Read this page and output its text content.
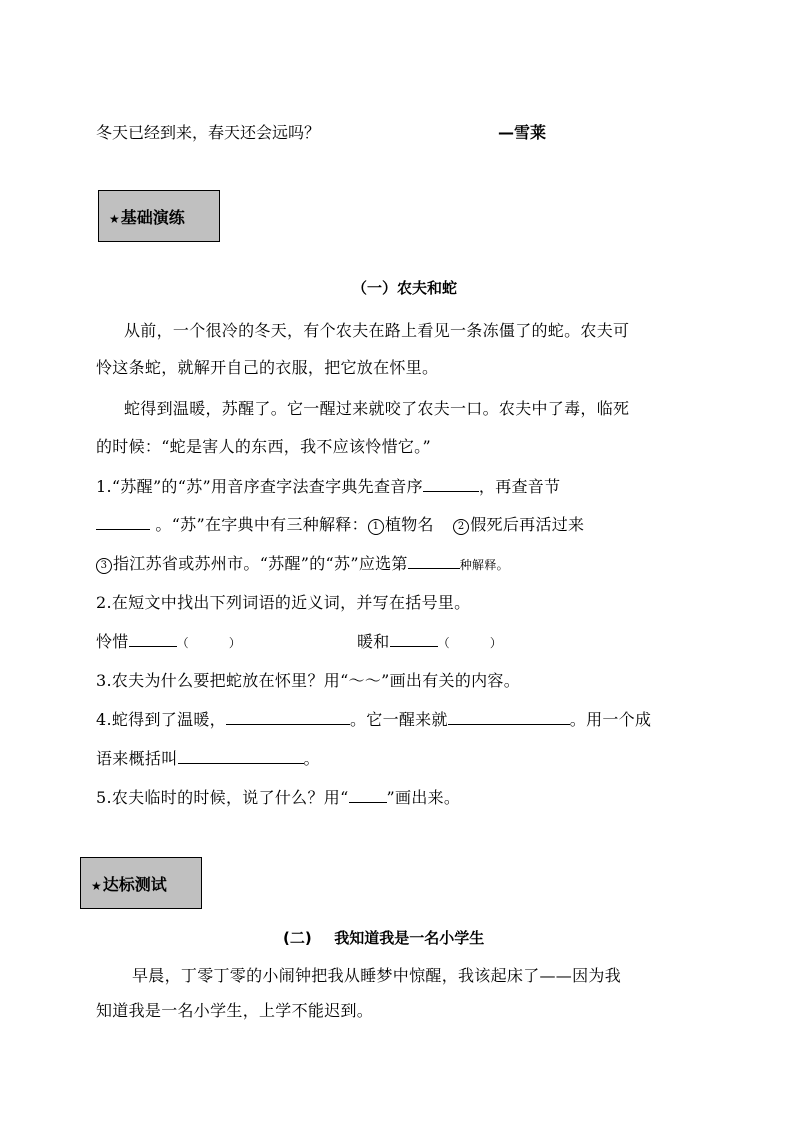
冬天已经到来，春天还会远吗？	—雪莱
★ 基础演练
（一）农夫和蛇
从前，一个很冷的冬天，有个农夫在路上看见一条冻僵了的蛇。农夫可
怜这条蛇，就解开自己的衣服，把它放在怀里。
蛇得到温暖，苏醒了。它一醒过来就咬了农夫一口。农夫中了毒，临死
的时候：“蛇是害人的东西，我不应该怜惜它。”
1.“苏醒”的“苏”用音序查字法查字典先查音序	，再查音节
。“苏”在字典中有三种解释： 1 植物名 2 假死后再活过来
3 指江苏省或苏州市。“苏醒”的“苏”应选第	种解释。
2.在短文中找出下列词语的近义词，并写在括号里。
怜惜	（	）	暖和	（	）
3.农夫为什么要把蛇放在怀里？用“～～”画出有关的内容。
4.蛇得到了温暖，	。它一醒来就	。用一个成
语来概括叫	。
5.农夫临时的时候，说了什么？用“ ”画出来。
★ 达标测试
(二) 我知道我是一名小学生
早晨，丁零丁零的小闹钟把我从睡梦中惊醒，我该起床了——因为我
知道我是一名小学生，上学不能迟到。
